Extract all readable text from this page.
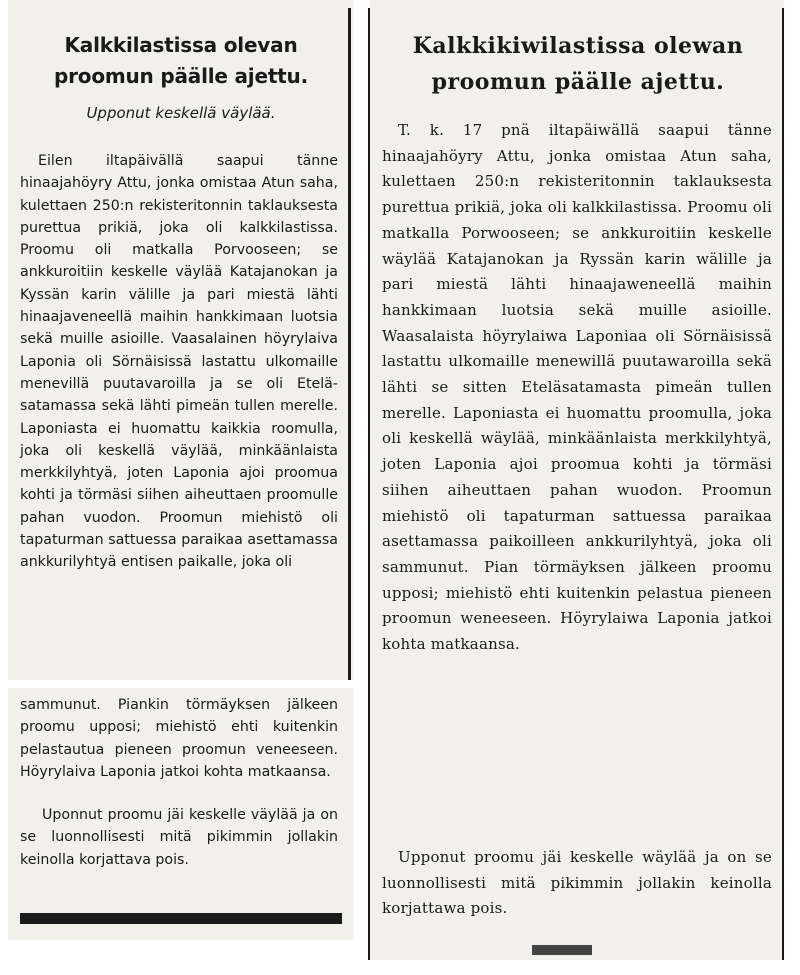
Kalkkilastissa olevan proomun päälle ajettu.
Upponut keskellä väylää.

Eilen iltapäivällä saapui tänne hinaajahöyry Attu, jonka omistaa Atun saha, kulettaen 250:n rekisteritonnin taklauksesta purettua prikiä, joka oli kalkkilastissa. Proomu oli matkalla Porvooseen; se ankkuroitiin keskelle väylää Katajanokan ja Kyssän karin välille ja pari miestä lähti hinaajaveneellä maihin hankkimaan luotsia sekä muille asioille. Vaasalainen höyrylaiva Laponia oli Sörnäisissä lastattu ulkomaille menevillä puutavaroilla ja se oli Etelä-satamassa sekä lähti pimeän tullen merelle. Laponiasta ei huomattu kaikkia roomulla, joka oli keskellä väylää, minkäänlaista merkkilyhtyä, joten Laponia ajoi proomua kohti ja törmäsi siihen aiheuttaen proomulle pahan vuodon. Proomun miehistö oli tapaturman sattuessa paraikaa asettamassa ankkurilyhtyä entisen paikalle, joka oli

sammunut. Piankin törmäyksen jälkeen proomu upposi; miehistö ehti kuitenkin pelastautua pieneen proomun veneeseen. Höyrylaiva Laponia jatkoi kohta matkaansa.

Uponnut proomu jäi keskelle väylää ja on se luonnollisesti mitä pikimmin jollakin keinolla korjattava pois.

Kalkkikiwilastissa olewan proomun päälle ajettu.

T. k. 17 pnä iltapäiwällä saapui tänne hinaajahöyry Attu, jonka omistaa Atun saha, kulettaen 250:n rekisteritonnin taklauksesta purettua prikiä, joka oli kalkkilastissa. Proomu oli matkalla Porwooseen; se ankkuroitiin keskelle wäylää Katajanokan ja Ryssän karin wälille ja pari miestä lähti hinaajaweneellä maihin hankkimaan luotsia sekä muille asioille. Waasalaista höyrylaiwa Laponiaa oli Sörnäisissä lastattu ulkomaille menewillä puutawaroilla sekä lähti se sitten Eteläsatamasta pimeän tullen merelle. Laponiasta ei huomattu proomulla, joka oli keskellä wäylää, minkäänlaista merkkilyhtyä, joten Laponia ajoi proomua kohti ja törmäsi siihen aiheuttaen pahan wuodon. Proomun miehistö oli tapaturman sattuessa paraikaa asettamassa paikoilleen ankkurilyhtyä, joka oli sammunut. Pian törmäyksen jälkeen proomu upposi; miehistö ehti kuitenkin pelastua pieneen proomun weneeseen. Höyrylaiwa Laponia jatkoi kohta matkaansa.

Upponut proomu jäi keskelle wäylää ja on se luonnollisesti mitä pikimmin jollakin keinolla korjattawa pois.
